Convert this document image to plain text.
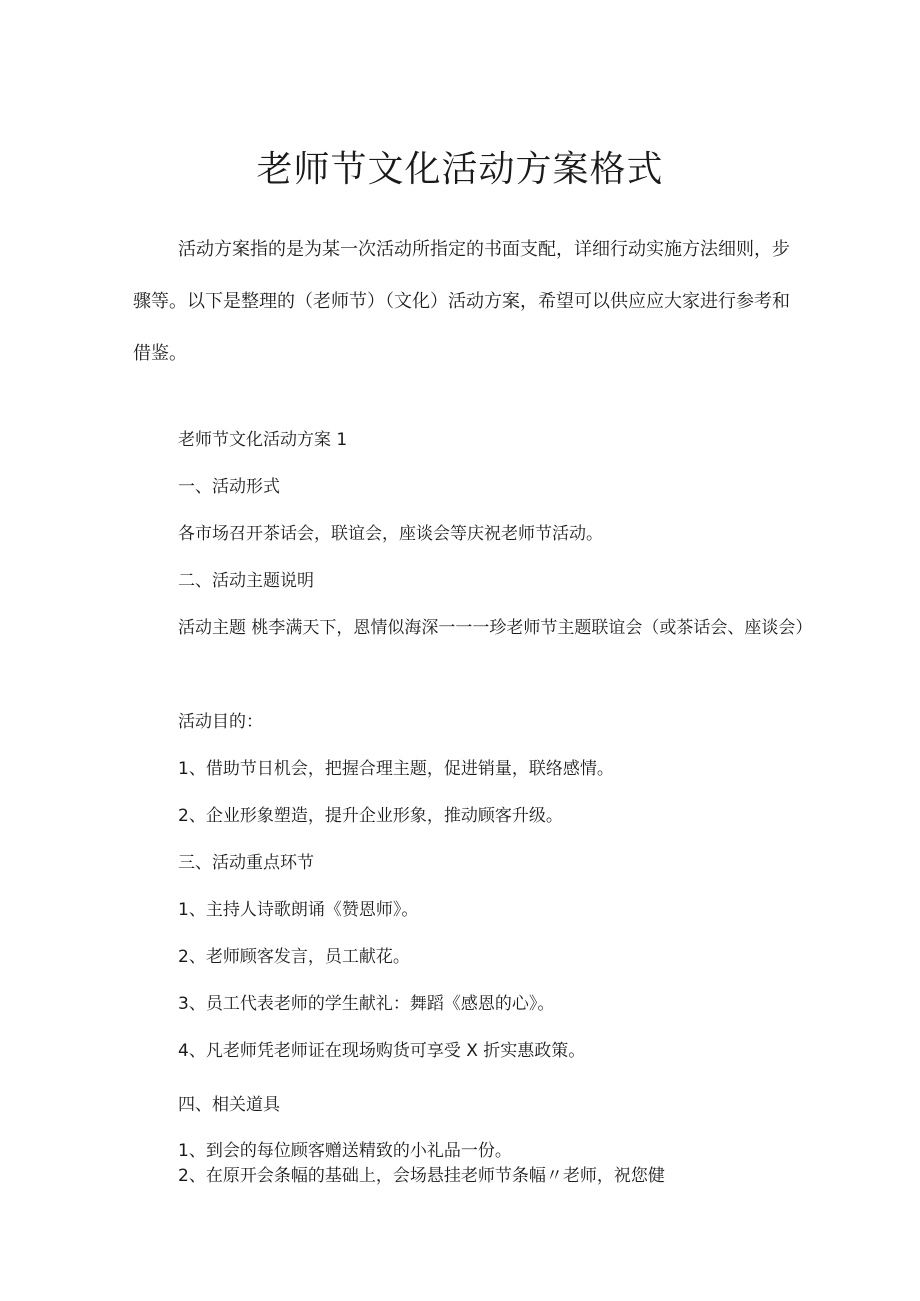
老师节文化活动方案格式

活动方案指的是为某一次活动所指定的书面支配，详细行动实施方法细则，步骤等。以下是整理的（老师节）（文化）活动方案，希望可以供应应大家进行参考和借鉴。

老师节文化活动方案 1

一、活动形式

各市场召开茶话会，联谊会，座谈会等庆祝老师节活动。

二、活动主题说明

活动主题 桃李满天下，恩情似海深一一一珍老师节主题联谊会（或茶话会、座谈会）

活动目的：

1、借助节日机会，把握合理主题，促进销量，联络感情。

2、企业形象塑造，提升企业形象，推动顾客升级。

三、活动重点环节

1、主持人诗歌朗诵《赞恩师》。

2、老师顾客发言，员工献花。

3、员工代表老师的学生献礼：舞蹈《感恩的心》。

4、凡老师凭老师证在现场购货可享受 X 折实惠政策。

四、相关道具

1、到会的每位顾客赠送精致的小礼品一份。

2、在原开会条幅的基础上，会场悬挂老师节条幅〃老师，祝您健
